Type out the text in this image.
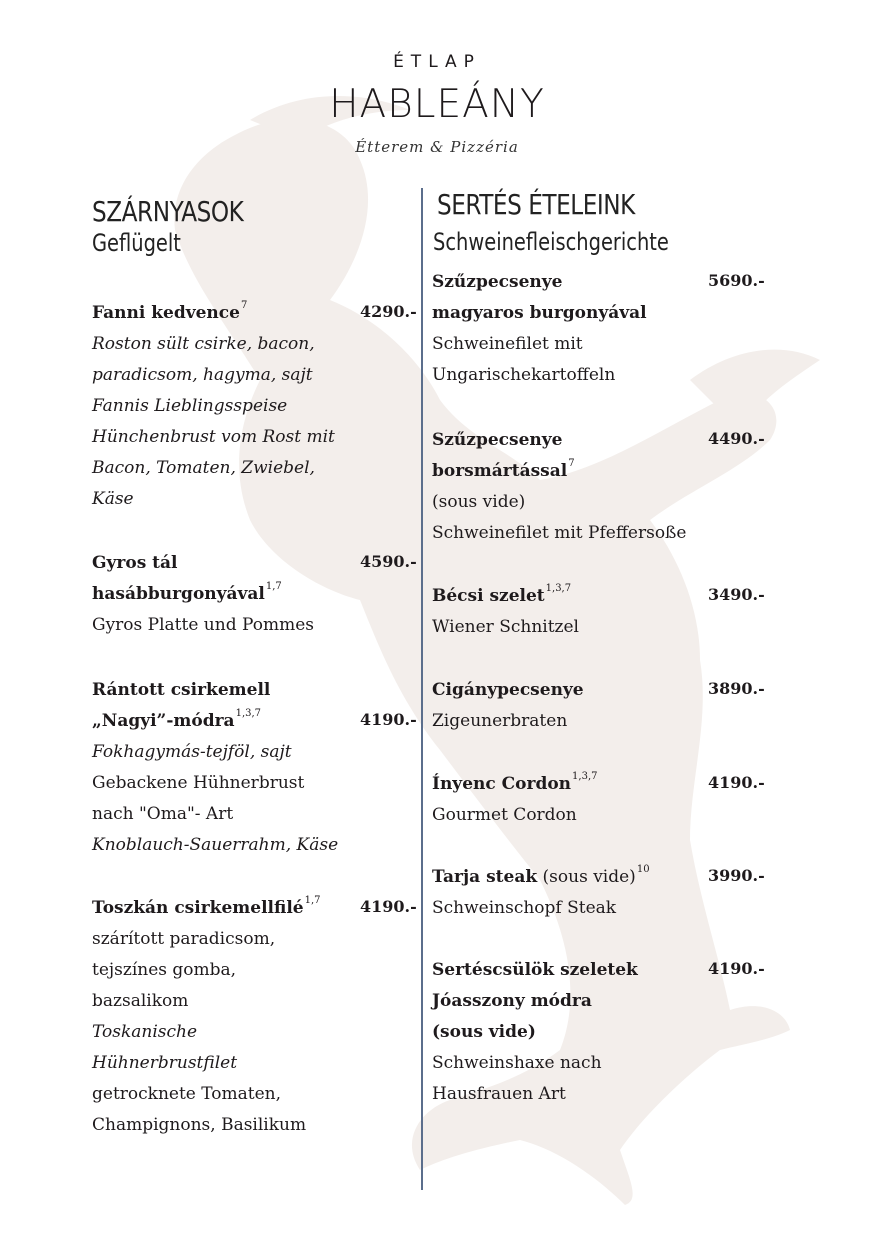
ÉTLAP
HABLEÁNY
Étterem & Pizzéria
SZÁRNYASOK
Geflügelt
SERTÉS ÉTELEINK
Schweinefleischgerichte
Fanni kedvence$^7$
Roston sült csirke, bacon,
paradicsom, hagyma, sajt
Fannis Lieblingsspeise
Hünchenbrust vom Rost mit
Bacon, Tomaten, Zwiebel,
Käse
4290.-
Gyros tál
hasábburgonyával$^{1,7}$
Gyros Platte und Pommes
4590.-
Rántott csirkemell
„Nagyi”-módra$^{1,3,7}$
Fokhagymás-tejföl, sajt
Gebackene Hühnerbrust
nach "Oma"- Art
Knoblauch-Sauerrahm, Käse
4190.-
Toszkán csirkemellfilé$^{1,7}$
szárított paradicsom,
tejszínes gomba,
bazsalikom
Toskanische
Hühnerbrustfilet
getrocknete Tomaten,
Champignons, Basilikum
4190.-
Szűzpecsenye
magyaros burgonyával
Schweinefilet mit
Ungarischekartoffeln
5690.-
Szűzpecsenye
borsmártással$^7$
(sous vide)
Schweinefilet mit Pfeffersoße
4490.-
Bécsi szelet$^{1,3,7}$
Wiener Schnitzel
3490.-
Cigánypecsenye
Zigeunerbraten
3890.-
Ínyenc Cordon$^{1,3,7}$
Gourmet Cordon
4190.-
Tarja steak (sous vide)$^{10}$
Schweinschopf Steak
3990.-
Sertéscsülök szeletek
Jóasszony módra
(sous vide)
Schweinshaxe nach
Hausfrauen Art
4190.-
